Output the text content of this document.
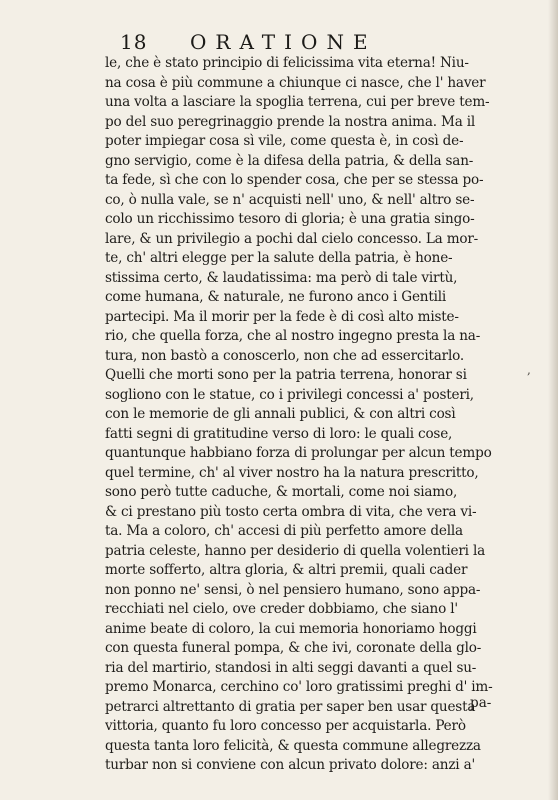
18 ORATIONE
le, che è stato principio di felicissima vita eterna! Niu-
na cosa è più commune a chiunque ci nasce, che l' haver
una volta a lasciare la spoglia terrena, cui per breve tem-
po del suo peregrinaggio prende la nostra anima. Ma il
poter impiegar cosa sì vile, come questa è, in così de-
gno servigio, come è la difesa della patria, & della san-
ta fede, sì che con lo spender cosa, che per se stessa po-
co, ò nulla vale, se n' acquisti nell' uno, & nell' altro se-
colo un ricchissimo tesoro di gloria; è una gratia singo-
lare, & un privilegio a pochi dal cielo concesso. La mor-
te, ch' altri elegge per la salute della patria, è hone-
stissima certo, & laudatissima: ma però di tale virtù,
come humana, & naturale, ne furono anco i Gentili
partecipi. Ma il morir per la fede è di così alto miste-
rio, che quella forza, che al nostro ingegno presta la na-
tura, non bastò a conoscerlo, non che ad essercitarlo.
Quelli che morti sono per la patria terrena, honorar si
sogliono con le statue, co i privilegi concessi a' posteri,
con le memorie de gli annali publici, & con altri così
fatti segni di gratitudine verso di loro: le quali cose,
quantunque habbiano forza di prolungar per alcun tempo
quel termine, ch' al viver nostro ha la natura prescritto,
sono però tutte caduche, & mortali, come noi siamo,
& ci prestano più tosto certa ombra di vita, che vera vi-
ta. Ma a coloro, ch' accesi di più perfetto amore della
patria celeste, hanno per desiderio di quella volentieri la
morte sofferto, altra gloria, & altri premii, quali cader
non ponno ne' sensi, ò nel pensiero humano, sono appa-
recchiati nel cielo, ove creder dobbiamo, che siano l'
anime beate di coloro, la cui memoria honoriamo hoggi
con questa funeral pompa, & che ivi, coronate della glo-
ria del martirio, standosi in alti seggi davanti a quel su-
premo Monarca, cerchino co' loro gratissimi preghi d' im-
petrarci altrettanto di gratia per saper ben usar questa
vittoria, quanto fu loro concesso per acquistarla. Però
questa tanta loro felicità, & questa commune allegrezza
turbar non si conviene con alcun privato dolore: anzi a'
,
pa-
